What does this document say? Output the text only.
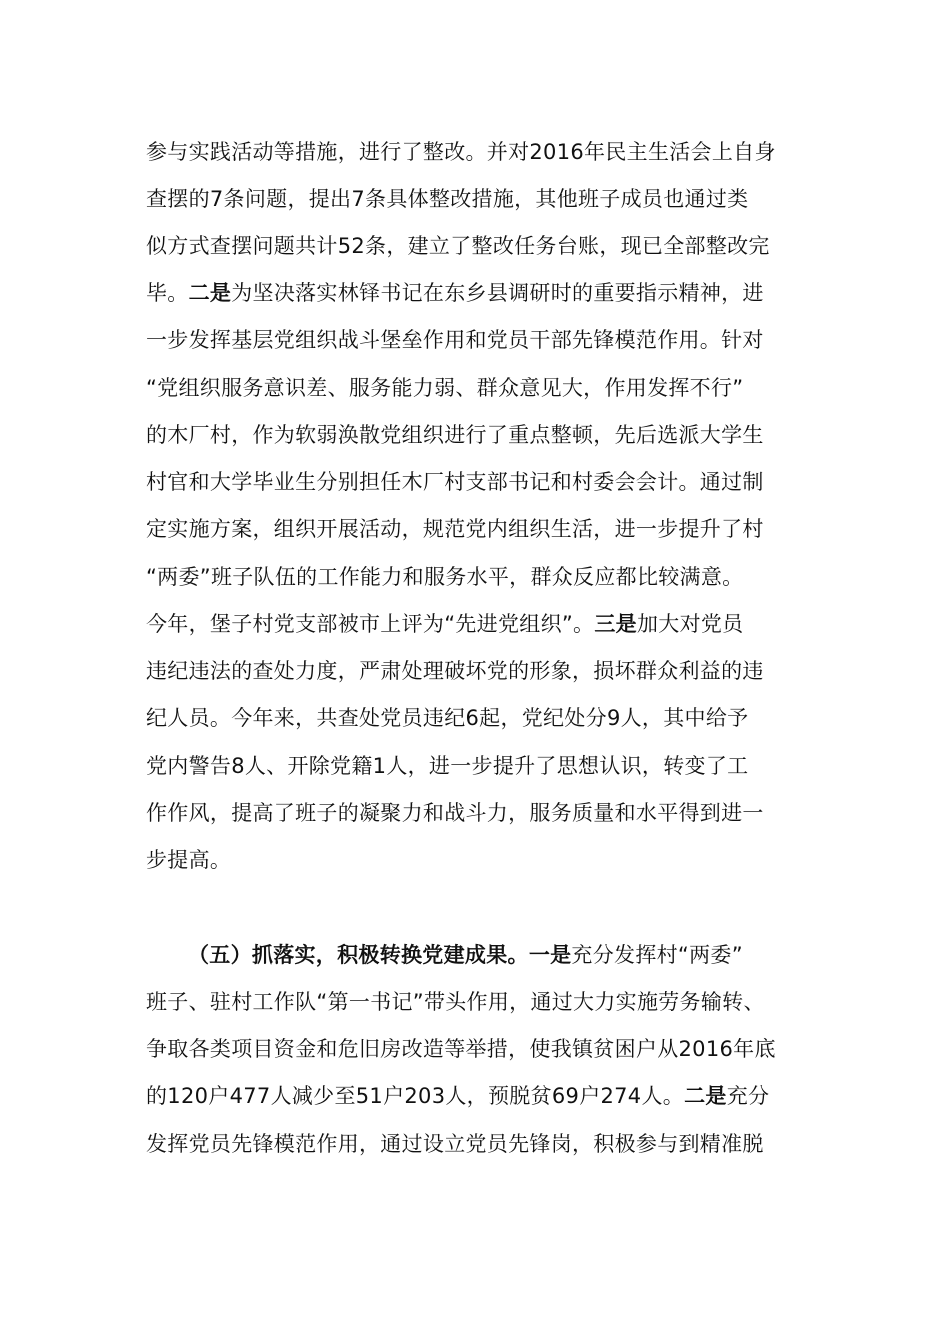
参与实践活动等措施，进行了整改。并对2016年民主生活会上自身
查摆的7条问题，提出7条具体整改措施，其他班子成员也通过类
似方式查摆问题共计52条，建立了整改任务台账，现已全部整改完
毕。二是为坚决落实林铎书记在东乡县调研时的重要指示精神，进
一步发挥基层党组织战斗堡垒作用和党员干部先锋模范作用。针对
“党组织服务意识差、服务能力弱、群众意见大，作用发挥不行”
的木厂村，作为软弱涣散党组织进行了重点整顿，先后选派大学生
村官和大学毕业生分别担任木厂村支部书记和村委会会计。通过制
定实施方案，组织开展活动，规范党内组织生活，进一步提升了村
“两委”班子队伍的工作能力和服务水平，群众反应都比较满意。
今年，堡子村党支部被市上评为“先进党组织”。三是加大对党员
违纪违法的查处力度，严肃处理破坏党的形象，损坏群众利益的违
纪人员。今年来，共查处党员违纪6起，党纪处分9人，其中给予
党内警告8人、开除党籍1人，进一步提升了思想认识，转变了工
作作风，提高了班子的凝聚力和战斗力，服务质量和水平得到进一
步提高。
（五）抓落实，积极转换党建成果。一是充分发挥村“两委”
班子、驻村工作队“第一书记”带头作用，通过大力实施劳务输转、
争取各类项目资金和危旧房改造等举措，使我镇贫困户从2016年底
的120户477人减少至51户203人，预脱贫69户274人。二是充分
发挥党员先锋模范作用，通过设立党员先锋岗，积极参与到精准脱
